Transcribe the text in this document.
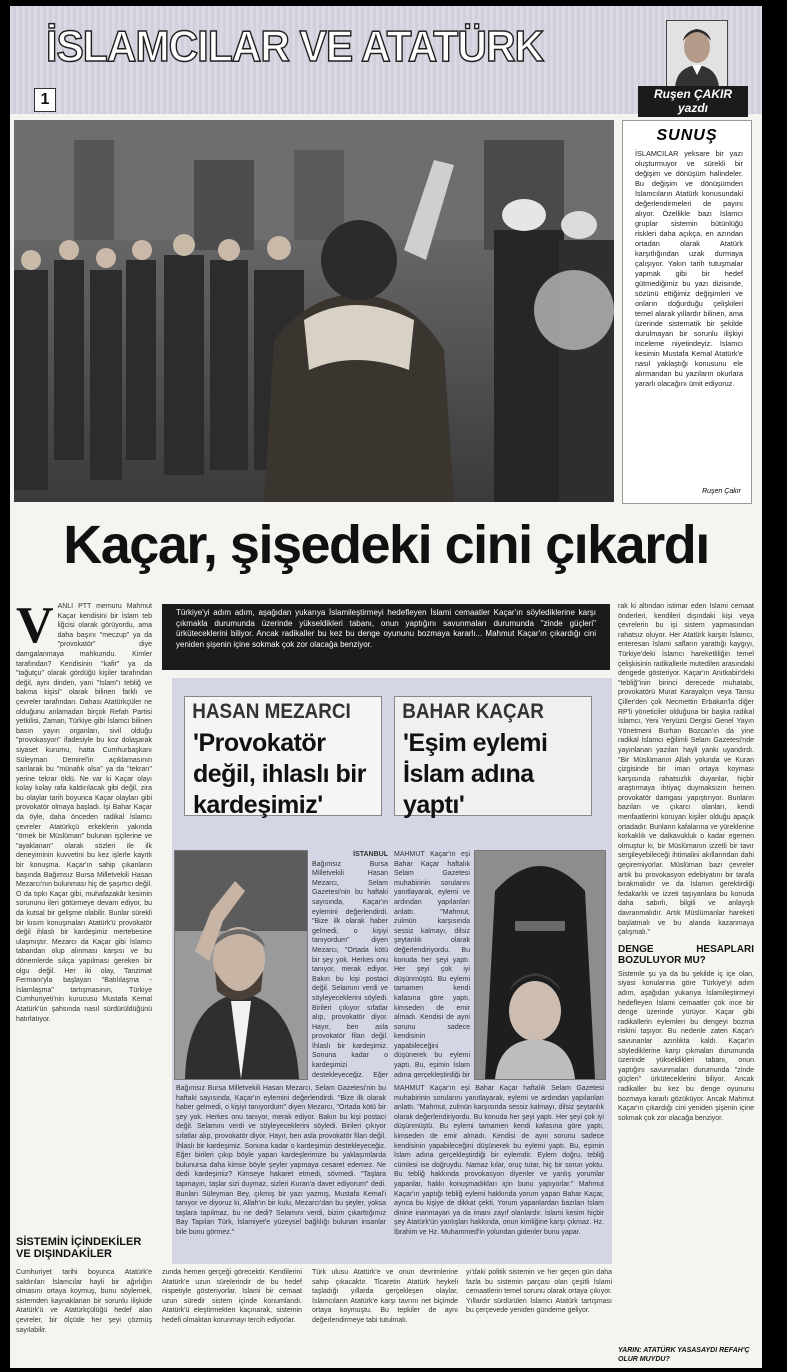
İSLAMCILAR VE ATATÜRK
1	Ruşen ÇAKIR
yazdı
SUNUŞ
İSLAMCILAR yeksare bir yazı oluşturmuyor ve sürekli bir değişim ve dönüşüm halindeler. Bu değişim ve dönüşümden İslamcıların Atatürk konusundaki değerlendirmeleri de payını alıyor. Özellikle bazı İslamcı gruplar sistemin bütünlüğü riskleri daha açıkça, en azından ortadan olarak Atatürk karşıtlığından uzak durmaya çalışıyor. Yakın tarih tutuşmalar yapmak gibi bir hedef gütmediğimiz bu yazı dizisinde, sözünü ettiğimiz değişimleri ve onların doğurduğu çelişkileri temel alarak yıllardır bilinen, ama üzerinde sistematik bir şekilde durulmayan bir sorunlu ilişkiyi inceleme niyetindeyiz. İslamcı kesimin Mustafa Kemal Atatürk'e nasıl yaklaştığı konusunu ele alırmandan bu yazıların okurlara yararlı olacağını ümit ediyoruz.
Ruşen Çakır
Kaçar, şişedeki cini çıkardı
V ANLI PTT memuru Mahmut Kaçar kendisini bir İslam teb liğcisi olarak görüyordu, ama daha başını "meczup" ya da "provokatör" diye damgalanmaya mahkumdu. Kimler tarafından? Kendisinin "kafir" ya da "tağutçu" olarak gördüğü kişiler tarafından değil, aynı dinden, yani "İslam"ı tebliğ ve bakma kişisi" olarak bilinen farklı ve çevreler tarafından. Dahası Atatürkçüler ne olduğunu anlamadan birçok Refah Partisi yetkilisi, Zaman, Türkiye gibi İslamcı bilinen basın yayın organları, sivil olduğu "provokasyon" ifadesiyle bu koz dolaşarak siyaset kurumu, hatta Cumhurbaşkanı Süleyman Demirel'in açıklamasının sarılarak bu "münafık olsa" ya da "tekrarı" yerine tekrar öldü. Ne var ki Kaçar olayı kolay kolay rafa kaldırılacak gibi değil, zira bu olaylar tarih boyunca Kaçar olayları gibi provokatör olmaya başladı. İşi Bahar Kaçar da öyle, daha önceden radikal İslamcı çevreler Atatürkçü erkeklerin yakında "örnek bir Müslüman" bulunan işçilerine ve "ayaklanan" olarak sözleri ile ilk deneyiminin kuvvetini bu kez işlerle kayıtlı bir konuşma. Kaçar'ın sahip çıkanların başında Bağımsız Bursa Milletvekili Hasan Mezarcı'nın bulunması hiç de şaşırtıcı değil. O da tıpkı Kaçar gibi, muhafazakâr kesimin sorununu ileri götürmeye devam ediyor, bu da kutsal bir gelişme olabilir. Bunlar sürekli bir kısım konuşmaları Atatürk'ü provokatör değil ihlaslı bir kardeşimiz mertebesine ulaşmıştır. Mezarcı da Kaçar gibi İslamcı tabandan olup alınması karşısı ve bu dönemlerde sıkça yapılması gereken bir olgu değil. Her iki olay, Tanzimat Fermanı'yla başlayan "Batılılaşma - İslamlaşma" tartışmasının, Türkiye Cumhuriyeti'nin kurucusu Mustafa Kemal Atatürk'ün şahsında nasıl sürdürüldüğünü hatırlatıyor.
SİSTEMİN İÇİNDEKİLER VE DIŞINDAKİLER
Cumhuriyet tarihi boyunca Atatürk'e saldırıları İslamcılar hayli bir ağırlığın olmasını ortaya koymuş, bunu söylemek, sistemden kaynaklanan bir sorunlu ilişkide Atatürk'ü ve Atatürkçülüğü hedef alan çevreler, bir ölçüde her şeyi çözmüş sayılabilir.
Türkiye'yi adım adım, aşağıdan yukarıya İslamileştirmeyi hedefleyen İslami cemaatler Kaçar'ın söylediklerine karşı çıkmakla durumunda üzerinde yükseldikleri tabanı, onun yaptığını savunmaları durumunda "zinde güçleri" ürküteceklerini biliyor. Ancak radikaller bu kez bu denge oyununu bozmaya kararlı... Mahmut Kaçar'ın çıkardığı cini yeniden şişenin içine sokmak çok zor olacağa benziyor.
HASAN MEZARCI
'Provokatör değil, ihlaslı bir kardeşimiz'
BAHAR KAÇAR
'Eşim eylemi İslam adına yaptı'
İSTANBUL
Bağımsız Bursa Milletvekili Hasan Mezarcı, Selam Gazetesi'nin bu haftaki sayısında, Kaçar'ın eylemini değerlendirdi. "Bize ilk olarak haber gelmedi, o kişiyi tanıyordum" diyen Mezarcı, "Ortada kötü bir şey yok. Herkes onu tanıyor, merak ediyor. Bakın bu kişi postaci değil. Selamını verdi ve söyleyeceklerini söyledi. Birileri çıkıyor sıfatlar alıp, provokatör diyor. Hayır, ben asla provokatör filan değil. İhlaslı bir kardeşimiz. Sonuna kadar o kardeşimizi destekleyeceğiz. Eğer
MAHMUT Kaçar'ın eşi Bahar Kaçar haftalık Selam Gazetesi muhabirinin sorularını yanıtlayarak, eylemi ve ardından yapılanları anlattı. "Mahmut, zulmün karşısında sessiz kalmayı, dilsiz şeytanlık olarak değerlendiriyordu. Bu konuda her şeyi yaptı. Her şeyi çok iyi düşünmüştü. Bu eylemi tamamen kendi kafasına göre yaptı, kimseden de emir almadı. Kendisi de ayni sorunu sadece kendisinin yapabileceğini düşünerek bu eylemi yaptı. Bu, eşimin İslam adına gerçekleştirdiği bir
Bağımsız Bursa Milletvekili Hasan Mezarcı, Selam Gazetesi'nin bu haftaki sayısında, Kaçar'ın eylemini değerlendirdi. "Bize ilk olarak haber gelmedi, o kişiyi tanıyordum" diyen Mezarcı, "Ortada kötü bir şey yok. Herkes onu tanıyor, merak ediyor. Bakın bu kişi postaci değil. Selamını verdi ve söyleyeceklerini söyledi. Birileri çıkıyor sıfatlar alıp, provokatör diyor. Hayır, ben asla provokatör filan değil. İhlaslı bir kardeşimiz. Sonuna kadar o kardeşimizi destekleyeceğiz. Eğer birileri çıkıp böyle yapan kardeşlerimize bu yaklaşımlarda bulunursa daha kimse böyle şeyler yapmaya cesaret edemez. Ne dedi kardeşimiz? Kimseye hakaret etmedi, sövmedi. "Taşlara tapmayın, taşlar sizi duymaz, sizleri Kuran'a davet ediyorum" dedi. Bunları Süleyman Bey, çıkmış bir yazı yazmış, Mustafa Kemal'i tanıyor ve diyoruz ki, Allah'ın bir kulu, Mezarcı'dan bu şeyler, yoksa taşlara tapılmaz, bu ne dedi? Selamını verdi, bizim çıkarttığımız Bay Tapılan Türk, İslamiyet'e yüzeysel bağlılığı bulunan insanlar bile bunu görmez."
MAHMUT Kaçar'ın eşi Bahar Kaçar haftalık Selam Gazetesi muhabirinin sorularını yanıtlayarak, eylemi ve ardından yapılanları anlattı. "Mahmut, zulmün karşısında sessiz kalmayı, dilsiz şeytanlık olarak değerlendiriyordu. Bu konuda her şeyi yaptı. Her şeyi çok iyi düşünmüştü. Bu eylemi tamamen kendi kafasına göre yaptı, kimseden de emir almadı. Kendisi de ayni sorunu sadece kendisinin yapabileceğini düşünerek bu eylemi yaptı. Bu, eşimin İslam adına gerçekleştirdiği bir eylemdir. Eylem doğru, tebliğ cümlesi ise doğruydu. Namaz kılar, oruç tutar, hiç bir sorun yoktu. Bu tebliğ hakkında provokasyon diyenler ve yanlış yorumlar yapanlar, hakkı konuşmadıkları için bunu yapıyorlar." Mahmut Kaçar'ın yaptığı tebliğ eylemi hakkında yorum yapan Bahar Kaçar, ayrıca bu kişiye de dikkat çekti. Yorum yapanlardan bazıları İslam dinine inanmayan ya da imanı zayıf olanlardır. İslami kesim hiçbir şey Atatürk'ün yanlışları hakkında, onun kimliğine karşı çıkmaz. Hz. İbrahim ve Hz. Muhammed'in yolundan gidenler bunu yapar.
rak ki altından istimar eden İslami cemaat önderleri, kendileri dışındaki kişi veya çevrelerin bu işi sistem yapmasından rahatsız oluyor. Her Atatürk karşıtı İslamcı, enteresan İslami safların yarattığı kaygıyı, Türkiye'deki İslamcı hareketliliğin temel çelişkisinin radikallerle mutedilen arasındaki dengede gösteriyor. Kaçar'ın Anıtkabir'deki "tebliğ"inin birinci derecede muhatabı, provokatörü Murat Karayalçın veya Tansu Çiller'den çok Necmettin Erbakan'la diğer RP'li yöneticiler olduğuna bir başka radikal İslamcı, Yeni Yeryüzü Dergisi Genel Yayın Yönetmeni Burhan Bozcan'ın da yine radikal İslamcı eğilimli Selam Gazetesi'nde yayınlanan yazıları hayli yankı uyandırdı. "Bir Müslümanın Allah yolunda ve Kuran çizgisinde bir iman ortaya koyması karşısında rahatsızlık duyanlar, hiçbir araştırmaya ihtiyaç duymaksızın hemen provokatör damgası yapıştırıyor. Bunların bazıları ve çıkarcı olanları, kendi menfaatlerini koruyan kişiler olduğu apaçık ortadadır. Bunların kafalarına ve yüreklerine korkaklık ve dalkavukluk o kadar egemen olmuştur ki, bir Müslümanın izzetli bir tavır sergileyebileceği ihtimalini akıllarından dahi geçiremiyorlar. Müslüman bazı çevreler artık bu provokasyon edebiyatını bir tarafa bırakmalıdır ve da İslamın gerektirdiği fedakarlık ve izzeti taşıyanlara bu konuda daha sabırlı, bilgili ve anlayışlı davranmalıdır. Artık Müslümanlar hareketi başlatmalı ve bu alanda kazanmaya çalışmalı."
DENGE HESAPLARI BOZULUYOR MU?
Sistemle şu ya da bu şekilde iç içe olan, siyasi konularına göre Türkiye'yi adım adım, aşağıdan yukarıya İslamileştirmeyi hedefleyen İslami cemaatler çok ince bir denge üzerinde yürüyor. Kaçar gibi radikallerin eylemleri bu dengeyi bozma riskini taşıyor. Bu nedenle zaten Kaçar'ı savunanlar azınlıkta kaldı. Kaçar'ın söylediklerine karşı çıkmaları durumunda üzerinde yükseldikleri tabanı, onun yaptığını savunmaları durumunda "zinde güçleri" ürküteceklerini biliyor. Ancak radikaller bu kez bu denge oyununu bozmaya kararlı gözüküyor. Ancak Mahmut Kaçar'ın çıkardığı cini yeniden şişenin içine sokmak çok zor olacağa benziyor.
zunda hemen gerçeği görecektir. Kendilerini Atatürk'e uzun sürelerindir de bu hedef nispetiyle gösteriyorlar. İslami bir cemaat uzun süredir sistem içinde konumlandı. Atatürk'ü eleştirmekten kaçınarak, sistemin hedefi olmaktan korunmayı tercih ediyorlar.
Türk ulusu Atatürk'e ve onun devrimlerine sahip çıkacaktır. Ticaretin Atatürk heykeli taşladığı yıllarda gerçekleşen olaylar, İslamcıların Atatürk'e karşı tavrını net biçimde ortaya koymuştu. Bu tepkiler de aynı değerlendirmeye tabi tutulmalı.
yı'daki politik sistemin ve her geçen gün daha fazla bu sistemin parçası olan çeşitli İslami cemaatlerin temel sorunu olarak ortaya çıkıyor. Yıllardır sürdürülen İslamcı Atatürk tartışması bu çerçevede yeniden gündeme geliyor.
YARIN: ATATÜRK YASASAYDI REFAH'Ç OLUR MUYDU?
